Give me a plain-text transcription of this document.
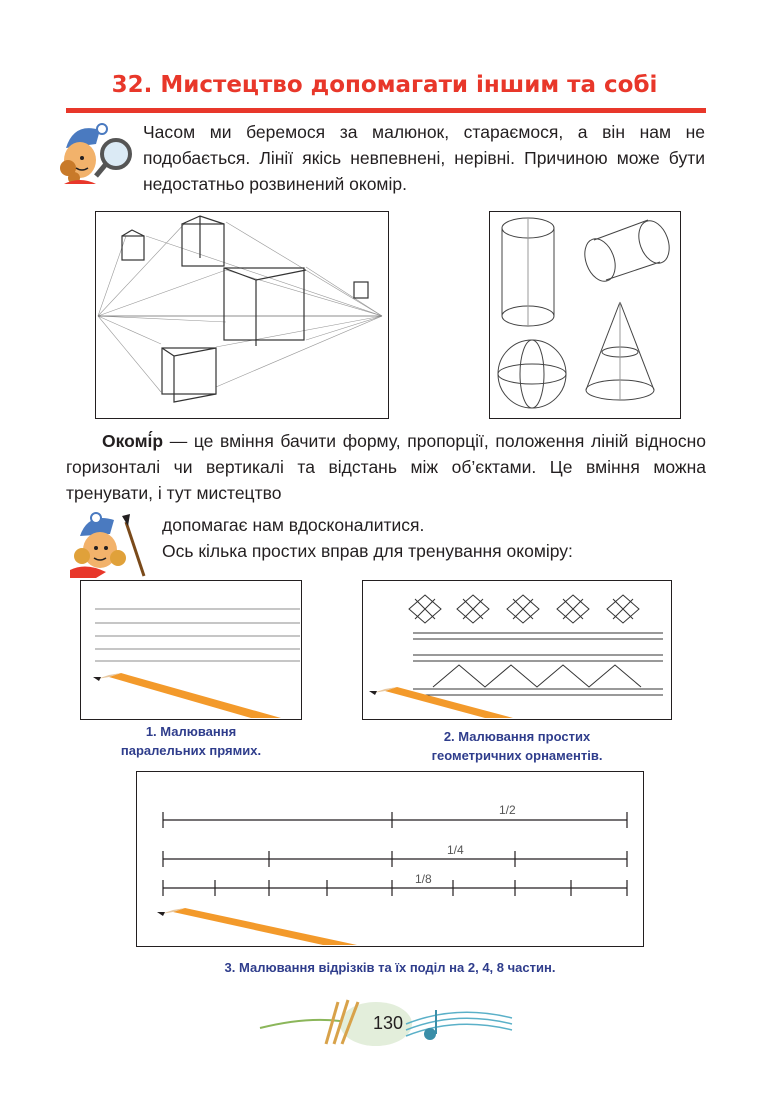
32. Мистецтво допомагати іншим та собі
Часом ми беремося за малюнок, стараємося, а він нам не подобається. Лінії якісь невпевнені, нерівні. Причиною може бути недостатньо розвинений окомір.
Окомі́р — це вміння бачити форму, пропорції, положення ліній відносно горизонталі чи вертикалі та відстань між об’єктами. Це вміння можна тренувати, і тут мистецтво
допомагає нам вдосконалитися.
Ось кілька простих вправ для тренування окоміру:
1. Малювання
паралельних прямих.
2. Малювання простих
геометричних орнаментів.
1/2
1/4
1/8
3. Малювання відрізків та їх поділ на 2, 4, 8 частин.
130
